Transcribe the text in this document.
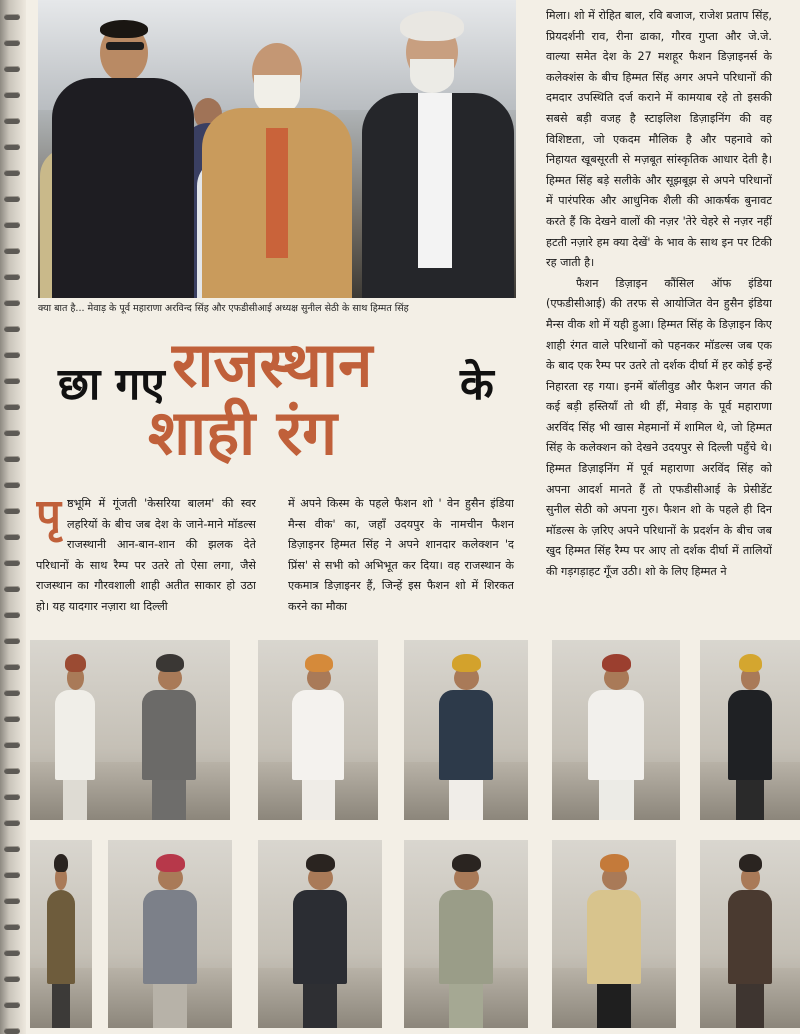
क्या बात है... मेवाड़ के पूर्व महाराणा अरविन्द सिंह और एफडीसीआई अध्यक्ष सुनील सेठी के साथ हिम्मत सिंह
छा गए राजस्थान के
शाही रंग
पृ ष्ठभूमि में गूंजती 'केसरिया बालम' की स्वर लहरियों के बीच जब देश के जाने-माने मॉडल्स राजस्थानी आन-बान-शान की झलक देते परिधानों के साथ रैम्प पर उतरे तो ऐसा लगा, जैसे राजस्थान का गौरवशाली शाही अतीत साकार हो उठा हो। यह यादगार नज़ारा था दिल्ली
में अपने किस्म के पहले फैशन शो ' वेन हुसैन इंडिया मैन्स वीक' का, जहाँ उदयपुर के नामचीन फैशन डिज़ाइनर हिम्मत सिंह ने अपने शानदार कलेक्शन 'द प्रिंस' से सभी को अभिभूत कर दिया। वह राजस्थान के एकमात्र डिज़ाइनर हैं, जिन्हें इस फैशन शो में शिरकत करने का मौका

मिला। शो में रोहित बाल, रवि बजाज, राजेश प्रताप सिंह, प्रियदर्शनी राव, रीना ढाका, गौरव गुप्ता और जे.जे. वाल्या समेत देश के 27 मशहूर फैशन डिज़ाइनर्स के कलेक्शंस के बीच हिम्मत सिंह अगर अपने परिधानों की दमदार उपस्थिति दर्ज कराने में कामयाब रहे तो इसकी सबसे बड़ी वजह है स्टाइलिश डिज़ाइनिंग की वह विशिष्टता, जो एकदम मौलिक है और पहनावे को निहायत खूबसूरती से मज़बूत सांस्कृतिक आधार देती है। हिम्मत सिंह बड़े सलीके और सूझबूझ से अपने परिधानों में पारंपरिक और आधुनिक शैली की आकर्षक बुनावट करते हैं कि देखने वालों की नज़र 'तेरे चेहरे से नज़र नहीं हटती नज़ारे हम क्या देखें' के भाव के साथ इन पर टिकी रह जाती है।

फैशन डिज़ाइन कौंसिल ऑफ इंडिया (एफडीसीआई) की तरफ से आयोजित वेन हुसैन इंडिया मैन्स वीक शो में यही हुआ। हिम्मत सिंह के डिज़ाइन किए शाही रंगत वाले परिधानों को पहनकर मॉडल्स जब एक के बाद एक रैम्प पर उतरे तो दर्शक दीर्घा में हर कोई इन्हें निहारता रह गया। इनमें बॉलीवुड और फैशन जगत की कई बड़ी हस्तियाँ तो थी हीं, मेवाड़ के पूर्व महाराणा अरविंद सिंह भी खास मेहमानों में शामिल थे, जो हिम्मत सिंह के कलेक्शन को देखने उदयपुर से दिल्ली पहुँचे थे। हिम्मत डिज़ाइनिंग में पूर्व महाराणा अरविंद सिंह को अपना आदर्श मानते हैं तो एफडीसीआई के प्रेसीडेंट सुनील सेठी को अपना गुरु। फैशन शो के पहले ही दिन मॉडल्स के ज़रिए अपने परिधानों के प्रदर्शन के बीच जब खुद हिम्मत सिंह रैम्प पर आए तो दर्शक दीर्घा में तालियों की गड़गड़ाहट गूँज उठी। शो के लिए हिम्मत ने
